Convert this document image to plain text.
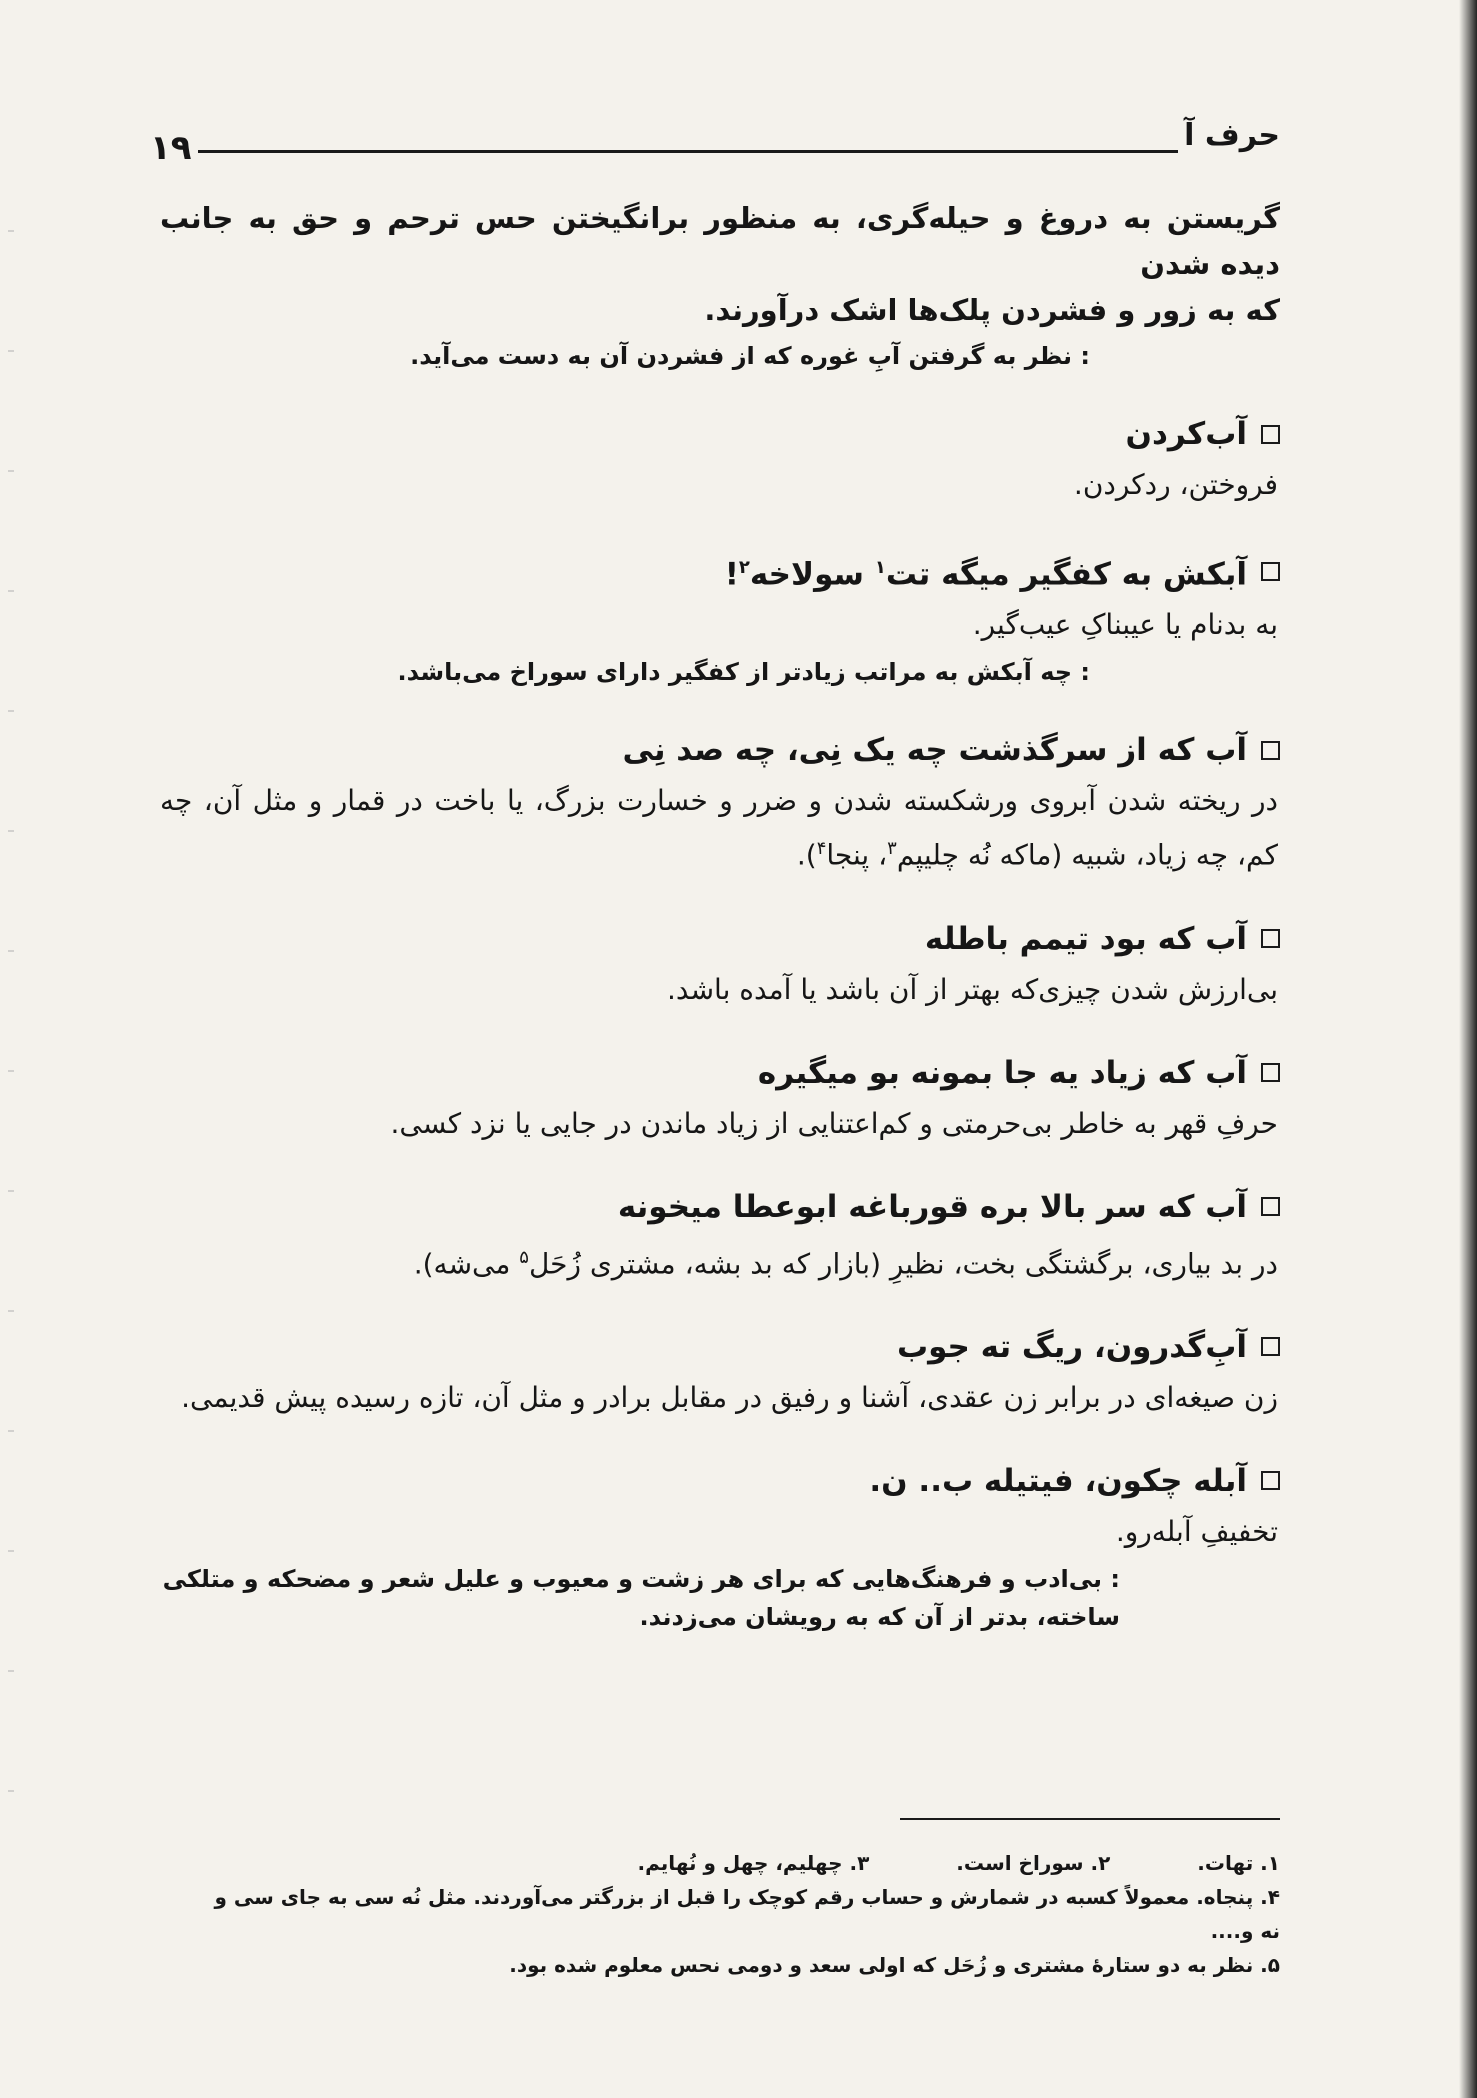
۱۹	حرف آ

گریستن به دروغ و حیله‌گری، به منظور برانگیختن حس ترحم و حق به جانب دیده شدن

که به زور و فشردن پلک‌ها اشک درآورند.

: نظر به گرفتن آبِ غوره که از فشردن آن به دست می‌آید.

آب‌کردن

فروختن، ردکردن.

آبکش به کفگیر میگه تت$^۱$ سولاخه$^۲$!

به بدنام یا عیبناکِ عیب‌گیر.

: چه آبکش به مراتب زیادتر از کفگیر دارای سوراخ می‌باشد.

آب که از سرگذشت چه یک نِی، چه صد نِی

در ریخته شدن آبروی ورشکسته شدن و ضرر و خسارت بزرگ، یا باخت در قمار و مثل آن، چه کم، چه زیاد، شبیه (ماکه نُه چلیپم$^۳$، پنجا$^۴$).

آب که بود تیمم باطله

بی‌ارزش شدن چیزی‌که بهتر از آن باشد یا آمده باشد.

آب که زیاد یه جا بمونه بو میگیره

حرفِ قهر به خاطر بی‌حرمتی و کم‌اعتنایی از زیاد ماندن در جایی یا نزد کسی.

آب که سر بالا بره قورباغه ابوعطا میخونه

در بد بیاری، برگشتگی بخت، نظیرِ (بازار که بد بشه، مشتری زُحَل$^۵$ می‌شه).

آبِ‌گدرون، ریگ ته جوب

زن صیغه‌ای در برابر زن عقدی، آشنا و رفیق در مقابل برادر و مثل آن، تازه رسیده پیش قدیمی.

آبله چکون، فیتیله ب.. ن.

تخفیفِ آبله‌رو.

: بی‌ادب و فرهنگ‌هایی که برای هر زشت و معیوب و علیل شعر و مضحکه و متلکی ساخته، بدتر از آن که به رویشان می‌زدند.

۱. تهات. ۲. سوراخ است. ۳. چهلیم، چهل و نُهایم.

۴. پنجاه. معمولاً کسبه در شمارش و حساب رقم کوچک را قبل از بزرگتر می‌آوردند. مثل نُه سی به جای سی و

نه و....

۵. نظر به دو ستارهٔ مشتری و زُحَل که اولی سعد و دومی نحس معلوم شده بود.
